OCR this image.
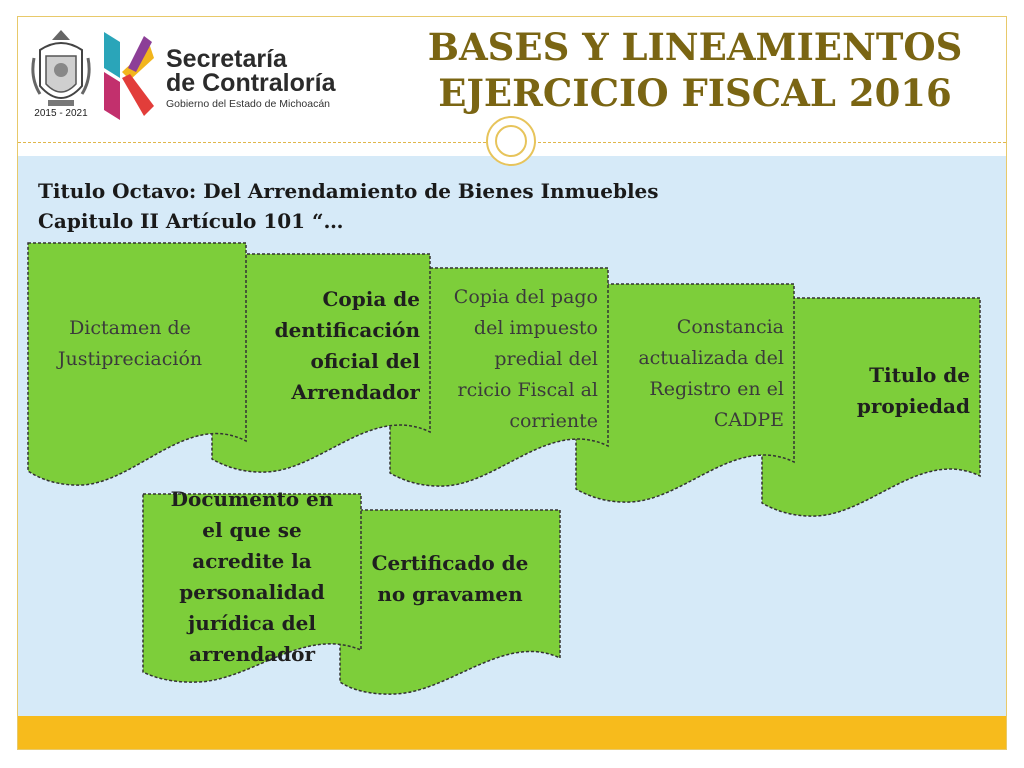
2015 - 2021
Secretaría
de Contraloría
Gobierno del Estado de Michoacán
BASES Y LINEAMIENTOS
EJERCICIO FISCAL 2016
Titulo Octavo: Del Arrendamiento de Bienes Inmuebles
Capitulo II Artículo 101 “…
Titulo de
propiedad
Constancia
actualizada del
Registro en el
CADPE
Copia del pago
del impuesto
predial del
rcicio Fiscal al
corriente
Copia de
dentificación
oficial del
Arrendador
Dictamen de
Justipreciación
Certificado de
no gravamen
Documento en
el que se
acredite la
personalidad
jurídica del
arrendador
